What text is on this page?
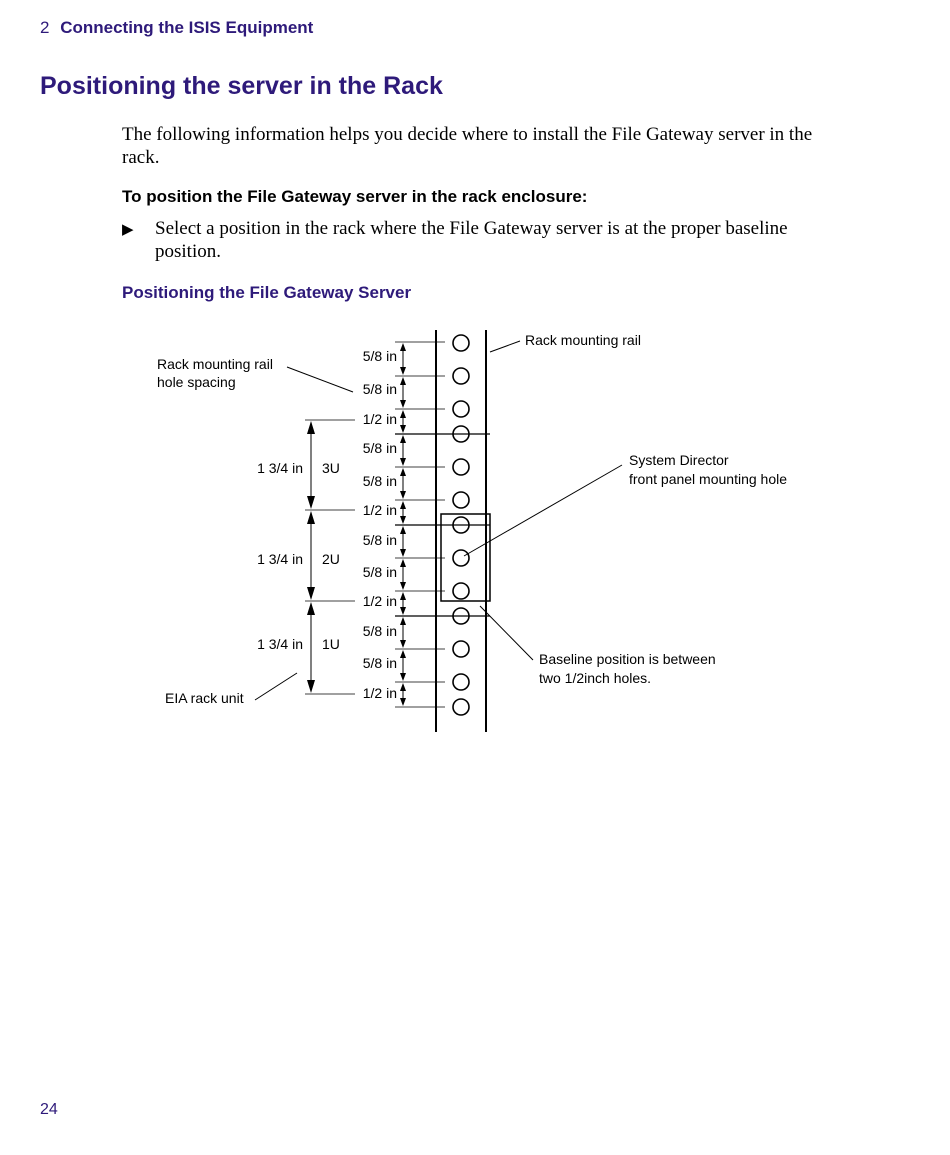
2 Connecting the ISIS Equipment
Positioning the server in the Rack

The following information helps you decide where to install the File Gateway server in the rack.

To position the File Gateway server in the rack enclosure:

▶ Select a position in the rack where the File Gateway server is at the proper baseline position.

Positioning the File Gateway Server

5/8 in
5/8 in
1/2 in
5/8 in
5/8 in
1/2 in
5/8 in
5/8 in
1/2 in
5/8 in
5/8 in
1/2 in
1 3/4 in 3U
1 3/4 in 2U
1 3/4 in 1U
Rack mounting rail
Rack mounting rail
hole spacing
System Director
front panel mounting hole
Baseline position is between
two 1/2inch holes.
EIA rack unit
24
